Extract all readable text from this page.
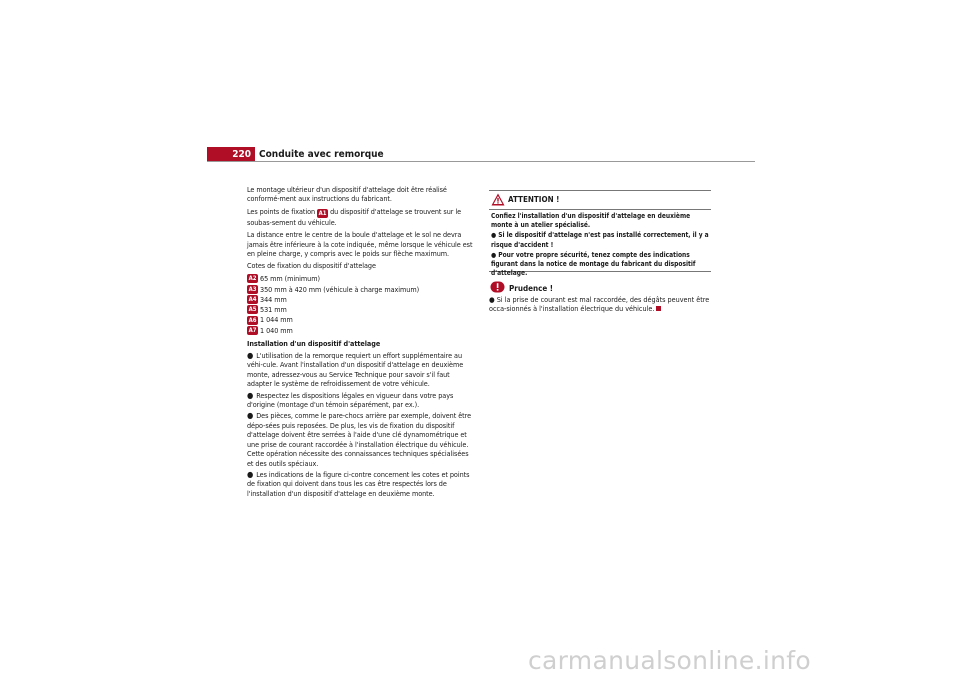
220 Conduite avec remorque

Le montage ultérieur d'un dispositif d'attelage doit être réalisé conformé-ment aux instructions du fabricant.

Les points de fixation A1 du dispositif d'attelage se trouvent sur le soubas-sement du véhicule.

La distance entre le centre de la boule d'attelage et le sol ne devra jamais être inférieure à la cote indiquée, même lorsque le véhicule est en pleine charge, y compris avec le poids sur flèche maximum.

Cotes de fixation du dispositif d'attelage

A2 65 mm (minimum)
A3 350 mm à 420 mm (véhicule à charge maximum)
A4 344 mm
A5 531 mm
A6 1 044 mm
A7 1 040 mm

Installation d'un dispositif d'attelage

● L'utilisation de la remorque requiert un effort supplémentaire au véhi-cule. Avant l'installation d'un dispositif d'attelage en deuxième monte, adressez-vous au Service Technique pour savoir s'il faut adapter le système de refroidissement de votre véhicule.
● Respectez les dispositions légales en vigueur dans votre pays d'origine (montage d'un témoin séparément, par ex.).
● Des pièces, comme le pare-chocs arrière par exemple, doivent être dépo-sées puis reposées. De plus, les vis de fixation du dispositif d'attelage doivent être serrées à l'aide d'une clé dynamométrique et une prise de courant raccordée à l'installation électrique du véhicule. Cette opération nécessite des connaissances techniques spécialisées et des outils spéciaux.
● Les indications de la figure ci-contre concernent les cotes et points de fixation qui doivent dans tous les cas être respectés lors de l'installation d'un dispositif d'attelage en deuxième monte.
ATTENTION !

Confiez l'installation d'un dispositif d'attelage en deuxième monte à un atelier spécialisé.

● Si le dispositif d'attelage n'est pas installé correctement, il y a risque d'accident !

● Pour votre propre sécurité, tenez compte des indications figurant dans la notice de montage du fabricant du dispositif d'attelage.

Prudence !

● Si la prise de courant est mal raccordée, des dégâts peuvent être occa-sionnés à l'installation électrique du véhicule.

carmanualsonline.info
